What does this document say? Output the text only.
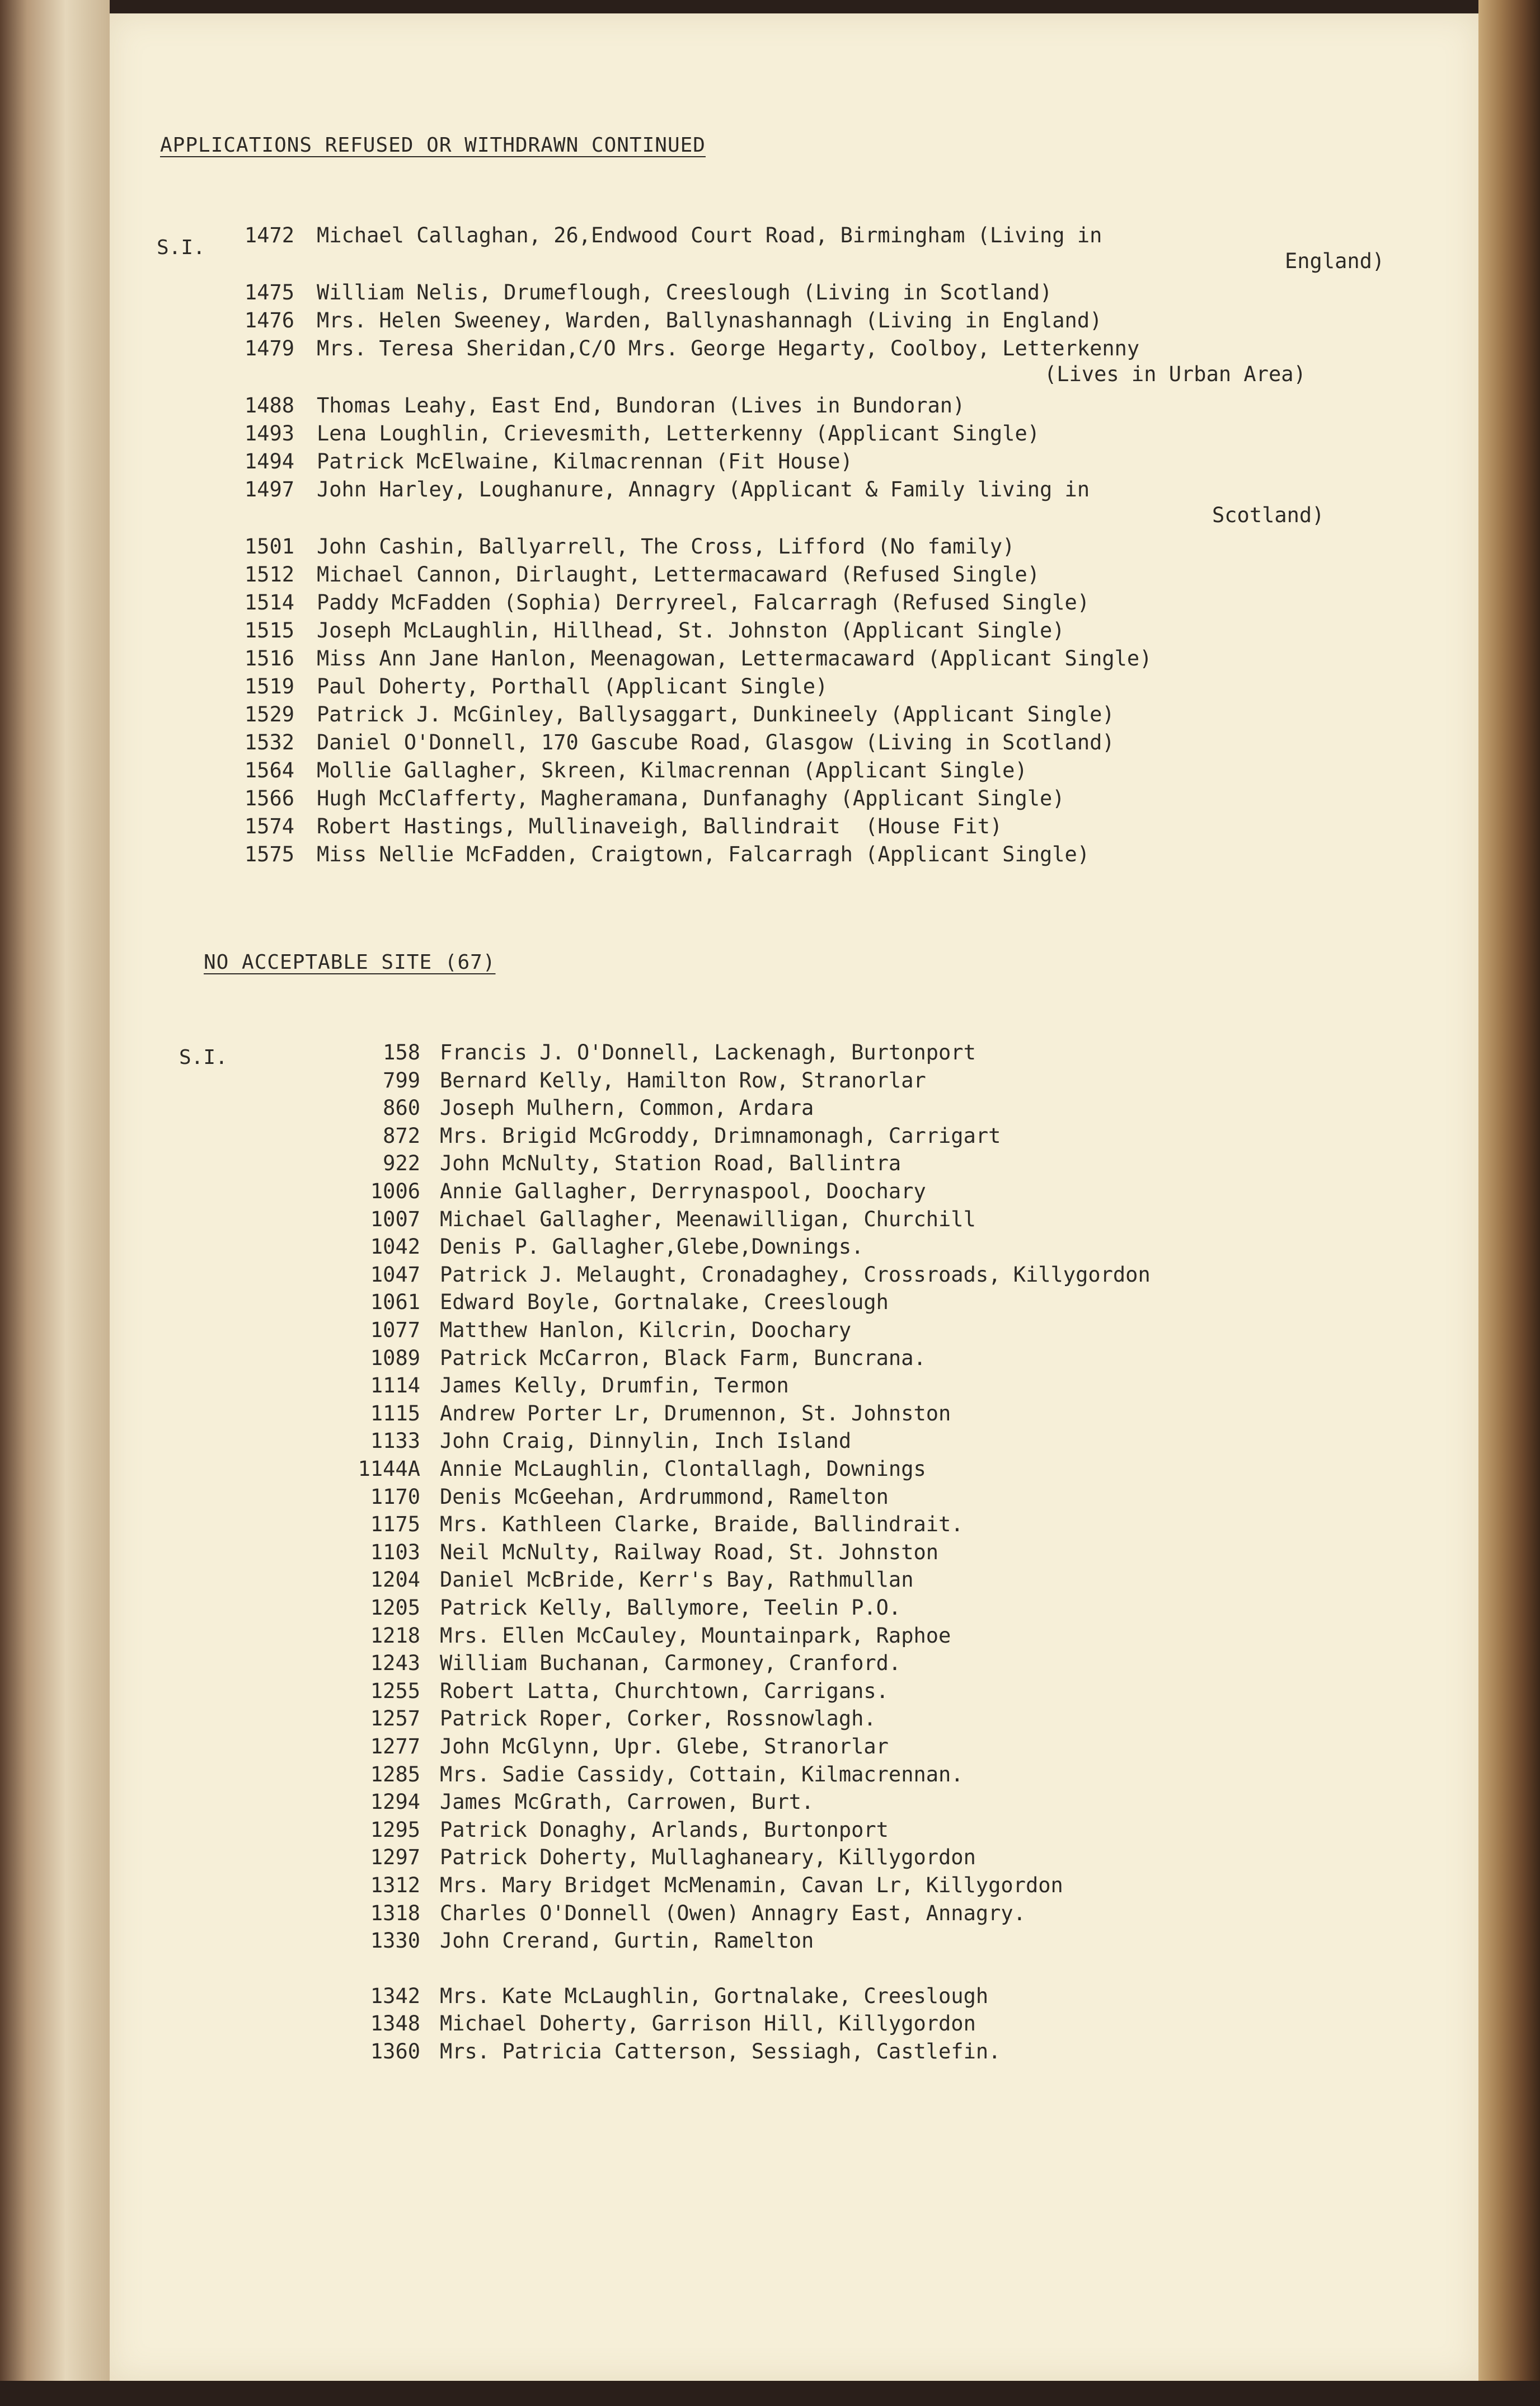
APPLICATIONS REFUSED OR WITHDRAWN CONTINUED
S.I.
1472 Michael Callaghan, 26,Endwood Court Road, Birmingham (Living in
England)
1475 William Nelis, Drumeflough, Creeslough (Living in Scotland)
1476 Mrs. Helen Sweeney, Warden, Ballynashannagh (Living in England)
1479 Mrs. Teresa Sheridan,C/O Mrs. George Hegarty, Coolboy, Letterkenny
(Lives in Urban Area)
1488 Thomas Leahy, East End, Bundoran (Lives in Bundoran)
1493 Lena Loughlin, Crievesmith, Letterkenny (Applicant Single)
1494 Patrick McElwaine, Kilmacrennan (Fit House)
1497 John Harley, Loughanure, Annagry (Applicant & Family living in
Scotland)
1501 John Cashin, Ballyarrell, The Cross, Lifford (No family)
1512 Michael Cannon, Dirlaught, Lettermacaward (Refused Single)
1514 Paddy McFadden (Sophia) Derryreel, Falcarragh (Refused Single)
1515 Joseph McLaughlin, Hillhead, St. Johnston (Applicant Single)
1516 Miss Ann Jane Hanlon, Meenagowan, Lettermacaward (Applicant Single)
1519 Paul Doherty, Porthall (Applicant Single)
1529 Patrick J. McGinley, Ballysaggart, Dunkineely (Applicant Single)
1532 Daniel O'Donnell, 170 Gascube Road, Glasgow (Living in Scotland)
1564 Mollie Gallagher, Skreen, Kilmacrennan (Applicant Single)
1566 Hugh McClafferty, Magheramana, Dunfanaghy (Applicant Single)
1574 Robert Hastings, Mullinaveigh, Ballindrait  (House Fit)
1575 Miss Nellie McFadden, Craigtown, Falcarragh (Applicant Single)
NO ACCEPTABLE SITE (67)
S.I.	158 Francis J. O'Donnell, Lackenagh, Burtonport
799 Bernard Kelly, Hamilton Row, Stranorlar
860 Joseph Mulhern, Common, Ardara
872 Mrs. Brigid McGroddy, Drimnamonagh, Carrigart
922 John McNulty, Station Road, Ballintra
1006 Annie Gallagher, Derrynaspool, Doochary
1007 Michael Gallagher, Meenawilligan, Churchill
1042 Denis P. Gallagher,Glebe,Downings.
1047 Patrick J. Melaught, Cronadaghey, Crossroads, Killygordon
1061 Edward Boyle, Gortnalake, Creeslough
1077 Matthew Hanlon, Kilcrin, Doochary
1089 Patrick McCarron, Black Farm, Buncrana.
1114 James Kelly, Drumfin, Termon
1115 Andrew Porter Lr, Drumennon, St. Johnston
1133 John Craig, Dinnylin, Inch Island
1144A Annie McLaughlin, Clontallagh, Downings
1170 Denis McGeehan, Ardrummond, Ramelton
1175 Mrs. Kathleen Clarke, Braide, Ballindrait.
1103 Neil McNulty, Railway Road, St. Johnston
1204 Daniel McBride, Kerr's Bay, Rathmullan
1205 Patrick Kelly, Ballymore, Teelin P.O.
1218 Mrs. Ellen McCauley, Mountainpark, Raphoe
1243 William Buchanan, Carmoney, Cranford.
1255 Robert Latta, Churchtown, Carrigans.
1257 Patrick Roper, Corker, Rossnowlagh.
1277 John McGlynn, Upr. Glebe, Stranorlar
1285 Mrs. Sadie Cassidy, Cottain, Kilmacrennan.
1294 James McGrath, Carrowen, Burt.
1295 Patrick Donaghy, Arlands, Burtonport
1297 Patrick Doherty, Mullaghaneary, Killygordon
1312 Mrs. Mary Bridget McMenamin, Cavan Lr, Killygordon
1318 Charles O'Donnell (Owen) Annagry East, Annagry.
1330 John Crerand, Gurtin, Ramelton
1342 Mrs. Kate McLaughlin, Gortnalake, Creeslough
1348 Michael Doherty, Garrison Hill, Killygordon
1360 Mrs. Patricia Catterson, Sessiagh, Castlefin.
